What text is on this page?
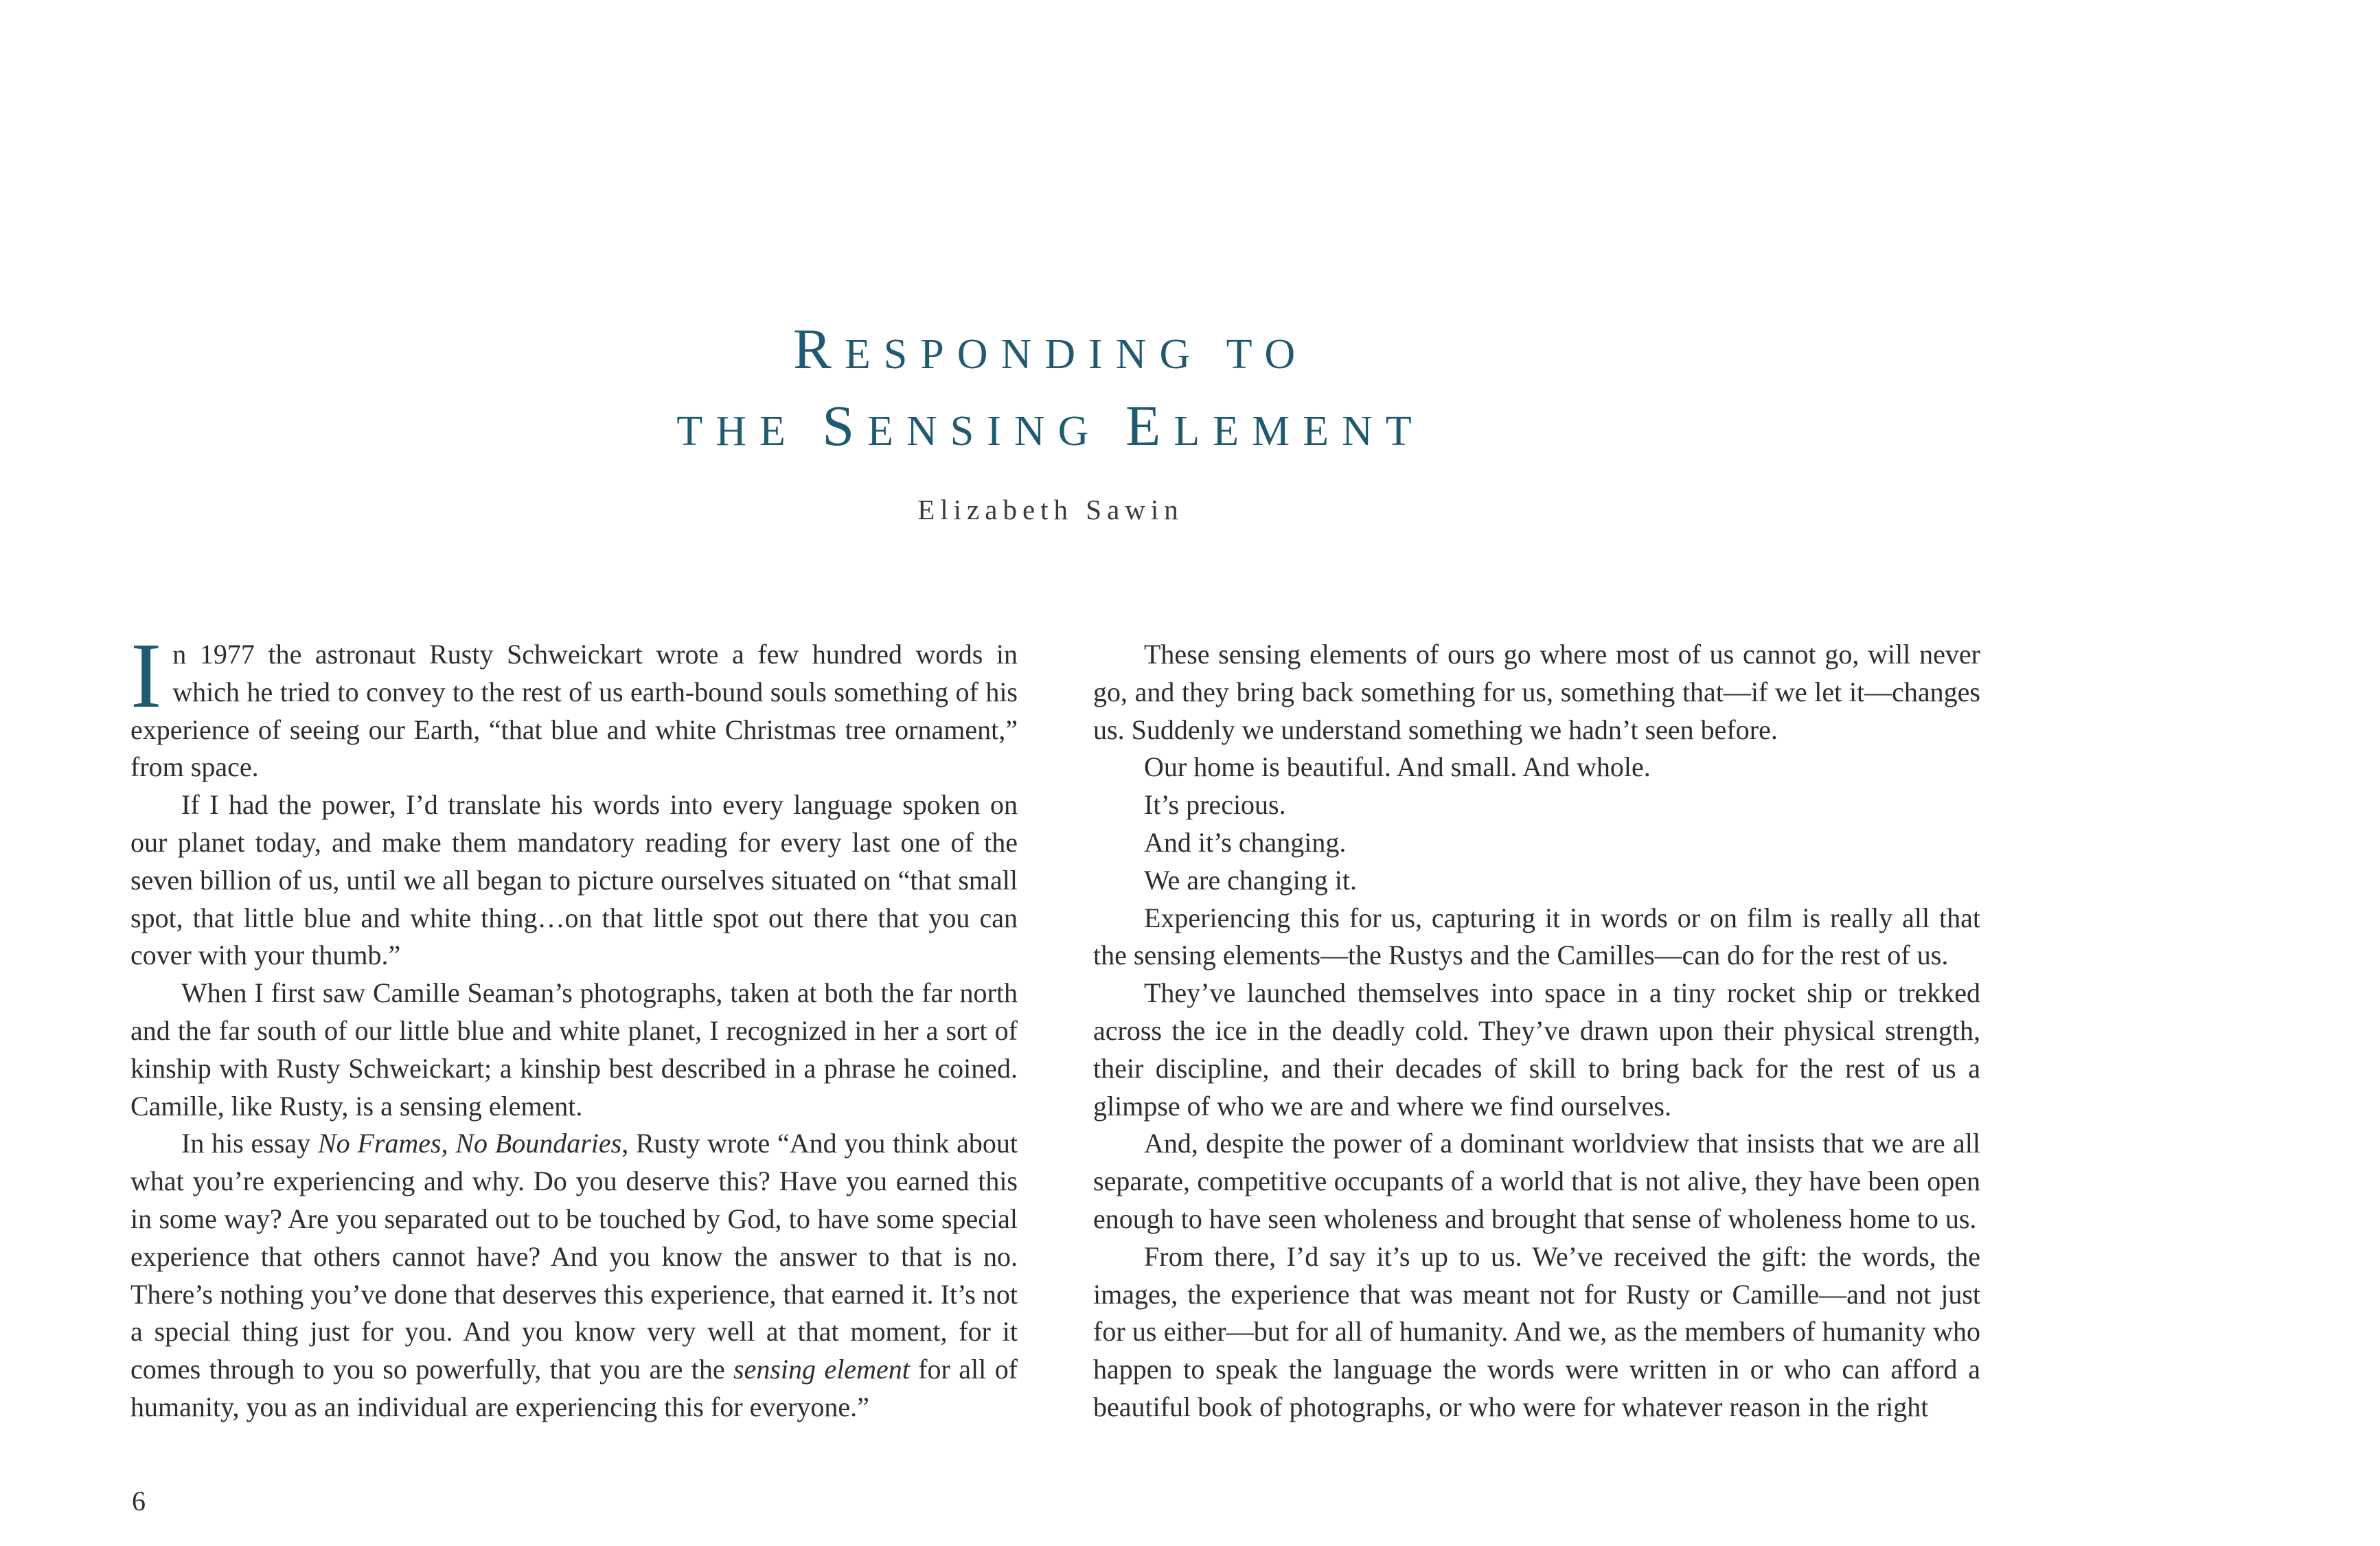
RESPONDING TO
THE SENSING ELEMENT
Elizabeth Sawin

In 1977 the astronaut Rusty Schweickart wrote a few hundred words in which he tried to convey to the rest of us earth-bound souls something of his experience of seeing our Earth, “that blue and white Christmas tree ornament,” from space.

If I had the power, I’d translate his words into every language spoken on our planet today, and make them mandatory reading for every last one of the seven billion of us, until we all began to picture ourselves situated on “that small spot, that little blue and white thing…on that little spot out there that you can cover with your thumb.”

When I first saw Camille Seaman’s photographs, taken at both the far north and the far south of our little blue and white planet, I recognized in her a sort of kinship with Rusty Schweickart; a kinship best described in a phrase he coined. Camille, like Rusty, is a sensing element.

In his essay No Frames, No Boundaries, Rusty wrote “And you think about what you’re experiencing and why. Do you deserve this? Have you earned this in some way? Are you separated out to be touched by God, to have some special experience that others cannot have? And you know the answer to that is no. There’s nothing you’ve done that deserves this experience, that earned it. It’s not a special thing just for you. And you know very well at that moment, for it comes through to you so powerfully, that you are the sensing element for all of humanity, you as an individual are experiencing this for everyone.”

These sensing elements of ours go where most of us cannot go, will never go, and they bring back something for us, something that—if we let it—changes us. Suddenly we understand something we hadn’t seen before.

Our home is beautiful. And small. And whole.

It’s precious.

And it’s changing.

We are changing it.

Experiencing this for us, capturing it in words or on film is really all that the sensing elements—the Rustys and the Camilles—can do for the rest of us.

They’ve launched themselves into space in a tiny rocket ship or trekked across the ice in the deadly cold. They’ve drawn upon their physical strength, their discipline, and their decades of skill to bring back for the rest of us a glimpse of who we are and where we find ourselves.

And, despite the power of a dominant worldview that insists that we are all separate, competitive occupants of a world that is not alive, they have been open enough to have seen wholeness and brought that sense of wholeness home to us.

From there, I’d say it’s up to us. We’ve received the gift: the words, the images, the experience that was meant not for Rusty or Camille—and not just for us either—but for all of humanity. And we, as the members of humanity who happen to speak the language the words were written in or who can afford a beautiful book of photographs, or who were for whatever reason in the right

6
